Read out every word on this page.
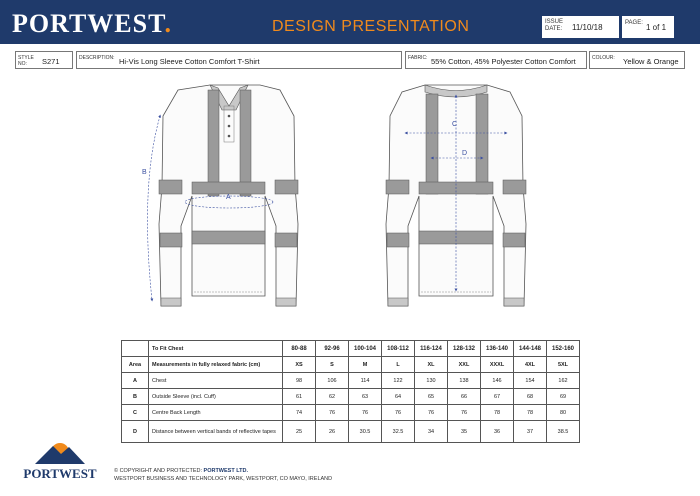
PORTWEST.	DESIGN PRESENTATION	ISSUE DATE:	11/10/18	PAGE: 1 of 1
STYLE NO:	S271	DESCRIPTION: Hi-Vis Long Sleeve Cotton Comfort T-Shirt	FABRIC: 55% Cotton, 45% Polyester Cotton Comfort	COLOUR: Yellow & Orange
A
B
C
D
	To Fit Chest	80-88	92-96	100-104	108-112	116-124	128-132	136-140	144-148	152-160
Area	Measurements in fully relaxed fabric (cm)	XS	S	M	L	XL	XXL	XXXL	4XL	5XL
A	Chest	98	106	114	122	130	138	146	154	162
B	Outside Sleeve (incl. Cuff)	61	62	63	64	65	66	67	68	69
C	Centre Back Length	74	76	76	76	76	76	78	78	80
D	Distance between vertical bands of reflective tapes	25	26	30.5	32.5	34	35	36	37	38.5
PORTWEST	© COPYRIGHT AND PROTECTED: PORTWEST LTD.
WESTPORT BUSINESS AND TECHNOLOGY PARK, WESTPORT, CO MAYO, IRELAND
